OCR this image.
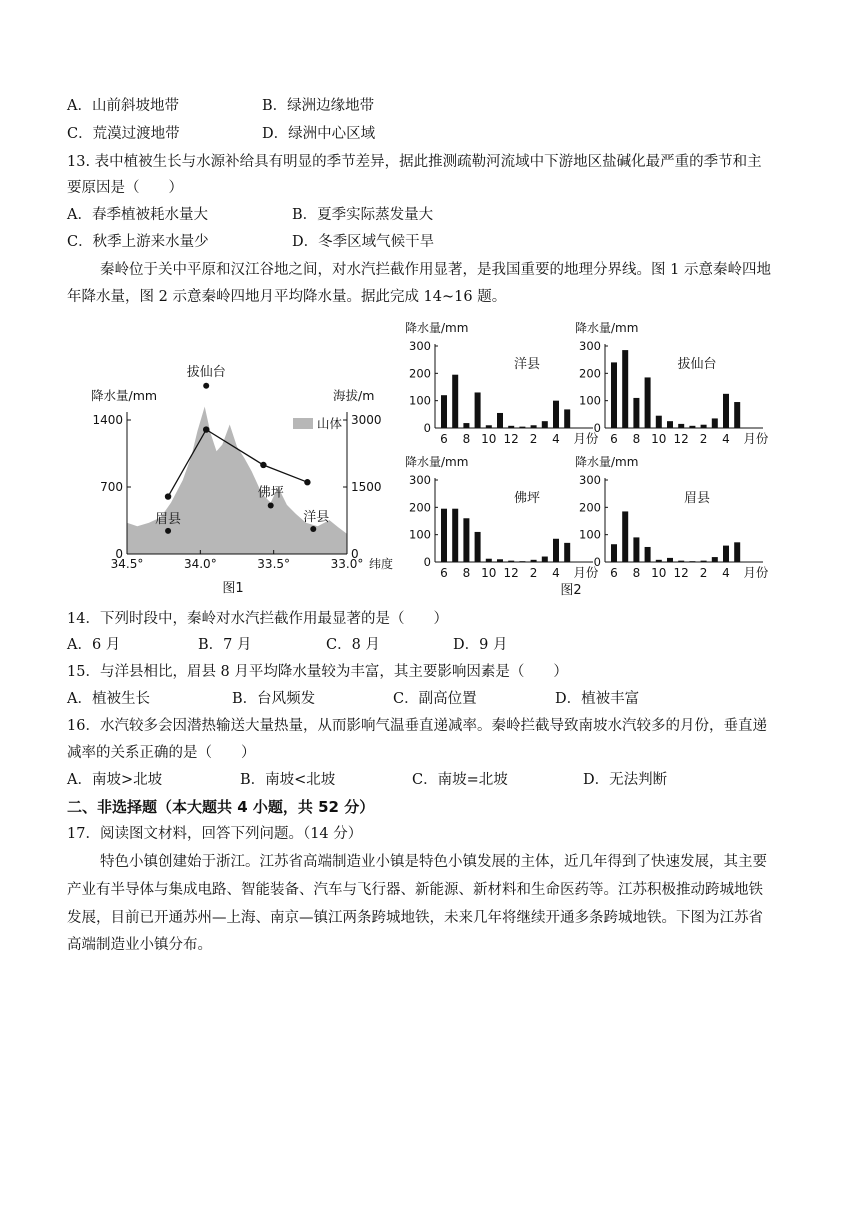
A．山前斜坡地带	B．绿洲边缘地带
C．荒漠过渡地带	D．绿洲中心区域
13. 表中植被生长与水源补给具有明显的季节差异，据此推测疏勒河流域中下游地区盐碱化最严重的季节和主
要原因是（　　）
A．春季植被耗水量大	B．夏季实际蒸发量大
C．秋季上游来水量少	D．冬季区域气候干旱
秦岭位于关中平原和汉江谷地之间，对水汽拦截作用显著，是我国重要的地理分界线。图 1 示意秦岭四地
年降水量，图 2 示意秦岭四地月平均降水量。据此完成 14~16 题。
降水量/mm	海拔/m
0
700
1400
0
1500
3000
34.5°	34.0°	33.5°	33.0° 纬度
图1
山体
拔仙台
佛坪
眉县	洋县
降水量/mm
0
100
200
300
6 8 10 12 2 4 月份
洋县
降水量/mm
0
100
200
300
6 8 10 12 2 4 月份
拔仙台
降水量/mm
0
100
200
300
6 8 10 12 2 4 月份
佛坪
降水量/mm
0
100
200
300
6 8 10 12 2 4 月份
眉县
图2
14．下列时段中，秦岭对水汽拦截作用最显著的是（　　）
A．6 月	B．7 月	C．8 月	D．9 月
15．与洋县相比，眉县 8 月平均降水量较为丰富，其主要影响因素是（　　）
A．植被生长	B．台风频发	C．副高位置	D．植被丰富
16．水汽较多会因潜热输送大量热量，从而影响气温垂直递减率。秦岭拦截导致南坡水汽较多的月份，垂直递
减率的关系正确的是（　　）
A．南坡>北坡	B．南坡<北坡	C．南坡=北坡	D．无法判断
二、非选择题（本大题共 4 小题，共 52 分）
17．阅读图文材料，回答下列问题。（14 分）
特色小镇创建始于浙江。江苏省高端制造业小镇是特色小镇发展的主体，近几年得到了快速发展，其主要
产业有半导体与集成电路、智能装备、汽车与飞行器、新能源、新材料和生命医药等。江苏积极推动跨城地铁
发展，目前已开通苏州—上海、南京—镇江两条跨城地铁，未来几年将继续开通多条跨城地铁。下图为江苏省
高端制造业小镇分布。
